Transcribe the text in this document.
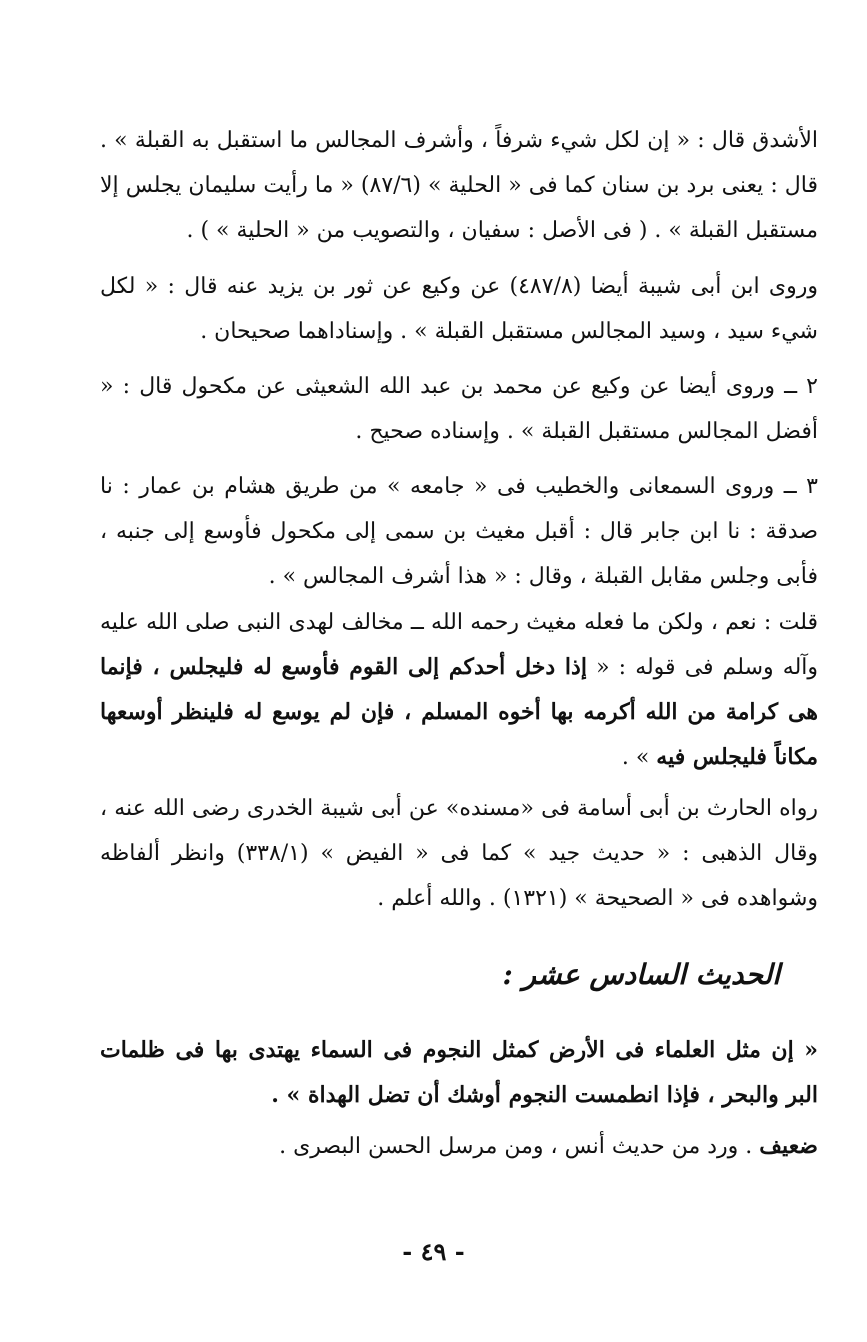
الأشدق قال : « إن لكل شيء شرفاً ، وأشرف المجالس ما استقبل به القبلة » . قال : يعنى برد بن سنان كما فى « الحلية » (٨٧/٦) « ما رأيت سليمان يجلس إلا مستقبل القبلة » . ( فى الأصل : سفيان ، والتصويب من « الحلية » ) .

وروى ابن أبى شيبة أيضا (٤٨٧/٨) عن وكيع عن ثور بن يزيد عنه قال : « لكل شيء سيد ، وسيد المجالس مستقبل القبلة » . وإسناداهما صحيحان .

٢ ــ وروى أيضا عن وكيع عن محمد بن عبد الله الشعيثى عن مكحول قال : « أفضل المجالس مستقبل القبلة » . وإسناده صحيح .

٣ ــ وروى السمعانى والخطيب فى « جامعه » من طريق هشام بن عمار : نا صدقة : نا ابن جابر قال : أقبل مغيث بن سمى إلى مكحول فأوسع إلى جنبه ، فأبى وجلس مقابل القبلة ، وقال : « هذا أشرف المجالس » .

قلت : نعم ، ولكن ما فعله مغيث رحمه الله ــ مخالف لهدى النبى صلى الله عليه وآله وسلم فى قوله : « إذا دخل أحدكم إلى القوم فأوسع له فليجلس ، فإنما هى كرامة من الله أكرمه بها أخوه المسلم ، فإن لم يوسع له فلينظر أوسعها مكاناً فليجلس فيه » .

رواه الحارث بن أبى أسامة فى «مسنده» عن أبى شيبة الخدرى رضى الله عنه ، وقال الذهبى : « حديث جيد » كما فى « الفيض » (٣٣٨/١) وانظر ألفاظه وشواهده فى « الصحيحة » (١٣٢١) . والله أعلم .

الحديث السادس عشر :

« إن مثل العلماء فى الأرض كمثل النجوم فى السماء يهتدى بها فى ظلمات البر والبحر ، فإذا انطمست النجوم أوشك أن تضل الهداة » .

ضعيف . ورد من حديث أنس ، ومن مرسل الحسن البصرى .

- ٤٩ -
